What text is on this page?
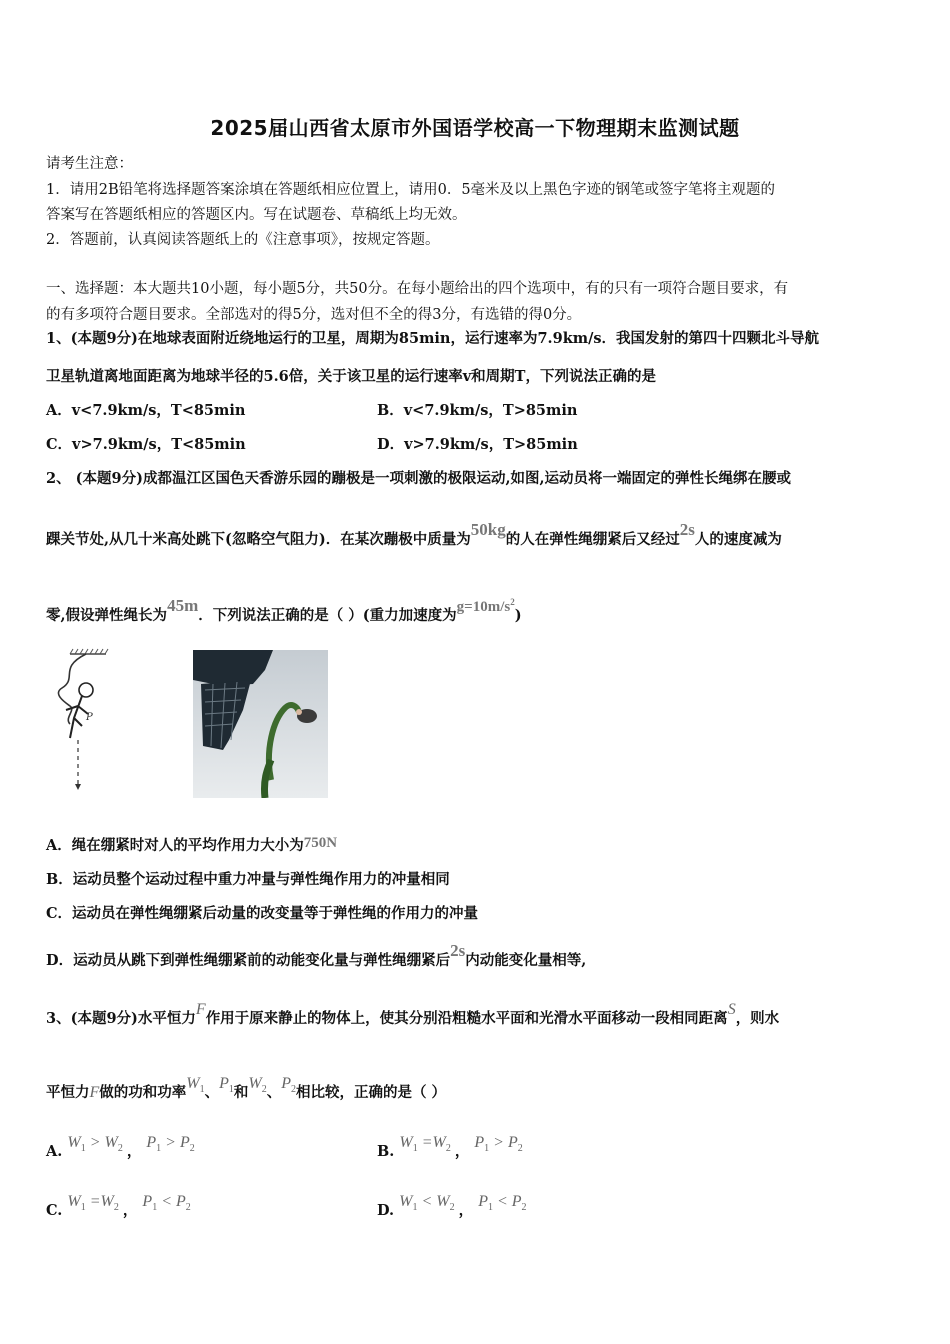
2025届山西省太原市外国语学校高一下物理期末监测试题
请考生注意：
1．请用2B铅笔将选择题答案涂填在答题纸相应位置上，请用0．5毫米及以上黑色字迹的钢笔或签字笔将主观题的
答案写在答题纸相应的答题区内。写在试题卷、草稿纸上均无效。
2．答题前，认真阅读答题纸上的《注意事项》，按规定答题。
一、选择题：本大题共10小题，每小题5分，共50分。在每小题给出的四个选项中，有的只有一项符合题目要求，有
的有多项符合题目要求。全部选对的得5分，选对但不全的得3分，有选错的得0分。
1、(本题9分)在地球表面附近绕地运行的卫星，周期为85min，运行速率为7.9km/s．我国发射的第四十四颗北斗导航
卫星轨道离地面距离为地球半径的5.6倍，关于该卫星的运行速率v和周期T，下列说法正确的是
A．v<7.9km/s，T<85min	B．v<7.9km/s，T>85min
C．v>7.9km/s，T<85min	D．v>7.9km/s，T>85min
2、 (本题9分)成都温江区国色天香游乐园的蹦极是一项刺激的极限运动,如图,运动员将一端固定的弹性长绳绑在腰或
踝关节处,从几十米高处跳下(忽略空气阻力)．在某次蹦极中质量为50kg的人在弹性绳绷紧后又经过2s人的速度减为
零,假设弹性绳长为45m．下列说法正确的是（ ）(重力加速度为$g=10m/s^2$)
P
A．绳在绷紧时对人的平均作用力大小为750N
B．运动员整个运动过程中重力冲量与弹性绳作用力的冲量相同
C．运动员在弹性绳绷紧后动量的改变量等于弹性绳的作用力的冲量
D．运动员从跳下到弹性绳绷紧前的动能变化量与弹性绳绷紧后2s内动能变化量相等,
3、(本题9分)水平恒力F作用于原来静止的物体上，使其分别沿粗糙水平面和光滑水平面移动一段相同距离S，则水
平恒力F做的功和功率$W_1$、$P_1$和$W_2$、$P_2$相比较，正确的是（ ）
A. $W_1 > W_2$ ， $P_1 > P_2$	B. $W_1 =W_2$ ， $P_1 > P_2$
C. $W_1 =W_2$ ， $P_1 < P_2$	D. $W_1 < W_2$ ， $P_1 < P_2$
